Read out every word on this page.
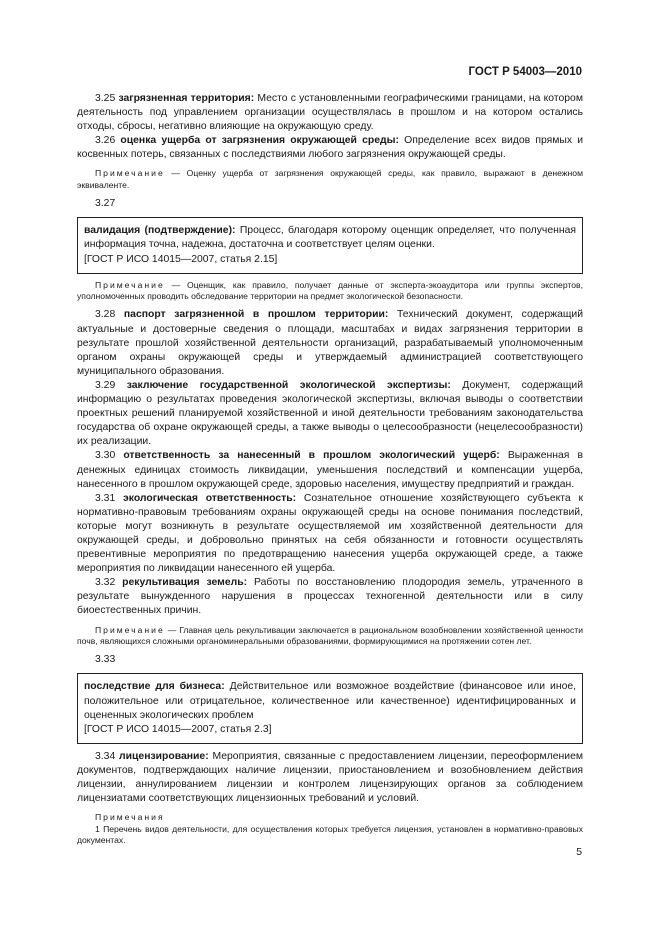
ГОСТ Р 54003—2010

3.25 загрязненная территория: Место с установленными географическими границами, на котором деятельность под управлением организации осуществлялась в прошлом и на котором остались отходы, сбросы, негативно влияющие на окружающую среду.

3.26 оценка ущерба от загрязнения окружающей среды: Определение всех видов прямых и косвенных потерь, связанных с последствиями любого загрязнения окружающей среды.

Примечание — Оценку ущерба от загрязнения окружающей среды, как правило, выражают в денежном эквиваленте.

3.27

валидация (подтверждение): Процесс, благодаря которому оценщик определяет, что полученная информация точна, надежна, достаточна и соответствует целям оценки.

[ГОСТ Р ИСО 14015—2007, статья 2.15]

Примечание — Оценщик, как правило, получает данные от эксперта-экоаудитора или группы экспертов, уполномоченных проводить обследование территории на предмет экологической безопасности.

3.28 паспорт загрязненной в прошлом территории: Технический документ, содержащий актуальные и достоверные сведения о площади, масштабах и видах загрязнения территории в результате прошлой хозяйственной деятельности организаций, разрабатываемый уполномоченным органом охраны окружающей среды и утверждаемый администрацией соответствующего муниципального образования.

3.29 заключение государственной экологической экспертизы: Документ, содержащий информацию о результатах проведения экологической экспертизы, включая выводы о соответствии проектных решений планируемой хозяйственной и иной деятельности требованиям законодательства государства об охране окружающей среды, а также выводы о целесообразности (нецелесообразности) их реализации.

3.30 ответственность за нанесенный в прошлом экологический ущерб: Выраженная в денежных единицах стоимость ликвидации, уменьшения последствий и компенсации ущерба, нанесенного в прошлом окружающей среде, здоровью населения, имуществу предприятий и граждан.

3.31 экологическая ответственность: Сознательное отношение хозяйствующего субъекта к нормативно-правовым требованиям охраны окружающей среды на основе понимания последствий, которые могут возникнуть в результате осуществляемой им хозяйственной деятельности для окружающей среды, и добровольно принятых на себя обязанности и готовности осуществлять превентивные мероприятия по предотвращению нанесения ущерба окружающей среде, а также мероприятия по ликвидации нанесенного ей ущерба.

3.32 рекультивация земель: Работы по восстановлению плодородия земель, утраченного в результате вынужденного нарушения в процессах техногенной деятельности или в силу биоестественных причин.

Примечание — Главная цель рекультивации заключается в рациональном возобновлении хозяйственной ценности почв, являющихся сложными органоминеральными образованиями, формирующимися на протяжении сотен лет.

3.33

последствие для бизнеса: Действительное или возможное воздействие (финансовое или иное, положительное или отрицательное, количественное или качественное) идентифицированных и оцененных экологических проблем

[ГОСТ Р ИСО 14015—2007, статья 2.3]

3.34 лицензирование: Мероприятия, связанные с предоставлением лицензии, переоформлением документов, подтверждающих наличие лицензии, приостановлением и возобновлением действия лицензии, аннулированием лицензии и контролем лицензирующих органов за соблюдением лицензиатами соответствующих лицензионных требований и условий.

Примечания

1 Перечень видов деятельности, для осуществления которых требуется лицензия, установлен в нормативно-правовых документах.

5
